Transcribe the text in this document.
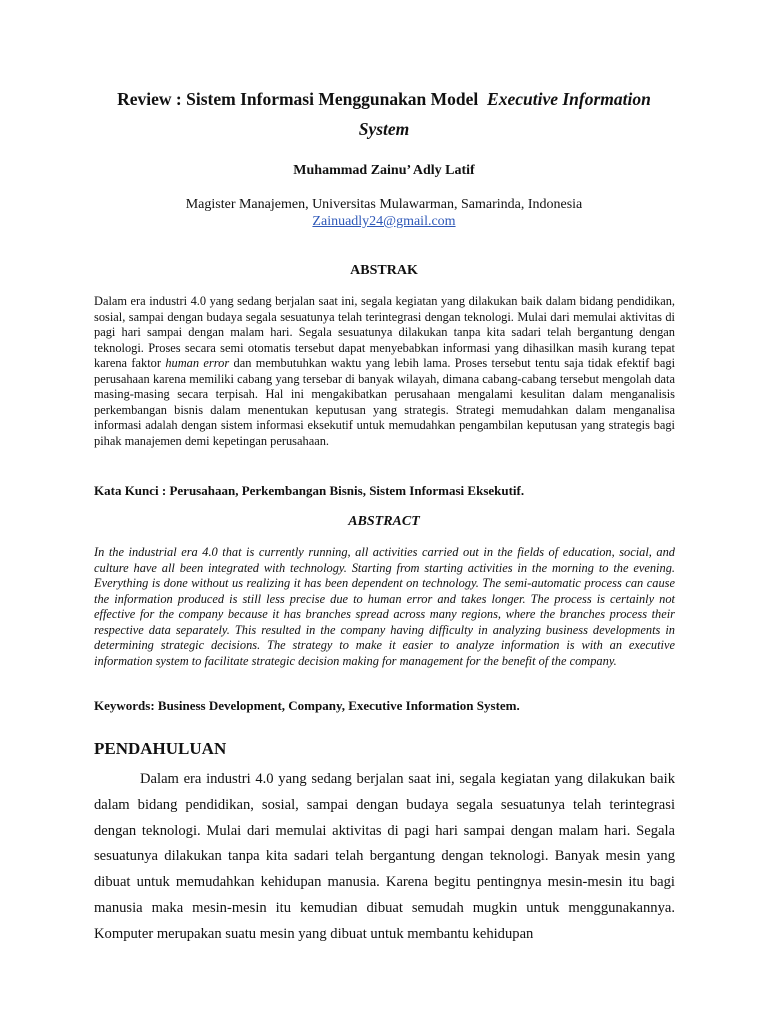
Review : Sistem Informasi Menggunakan Model Executive Information System
Muhammad Zainu’ Adly Latif
Magister Manajemen, Universitas Mulawarman, Samarinda, Indonesia
Zainuadly24@gmail.com
ABSTRAK

Dalam era industri 4.0 yang sedang berjalan saat ini, segala kegiatan yang dilakukan baik dalam bidang pendidikan, sosial, sampai dengan budaya segala sesuatunya telah terintegrasi dengan teknologi. Mulai dari memulai aktivitas di pagi hari sampai dengan malam hari. Segala sesuatunya dilakukan tanpa kita sadari telah bergantung dengan teknologi. Proses secara semi otomatis tersebut dapat menyebabkan informasi yang dihasilkan masih kurang tepat karena faktor human error dan membutuhkan waktu yang lebih lama. Proses tersebut tentu saja tidak efektif bagi perusahaan karena memiliki cabang yang tersebar di banyak wilayah, dimana cabang-cabang tersebut mengolah data masing-masing secara terpisah. Hal ini mengakibatkan perusahaan mengalami kesulitan dalam menganalisis perkembangan bisnis dalam menentukan keputusan yang strategis. Strategi memudahkan dalam menganalisa informasi adalah dengan sistem informasi eksekutif untuk memudahkan pengambilan keputusan yang strategis bagi pihak manajemen demi kepetingan perusahaan.

Kata Kunci : Perusahaan, Perkembangan Bisnis, Sistem Informasi Eksekutif.
ABSTRACT

In the industrial era 4.0 that is currently running, all activities carried out in the fields of education, social, and culture have all been integrated with technology. Starting from starting activities in the morning to the evening. Everything is done without us realizing it has been dependent on technology. The semi-automatic process can cause the information produced is still less precise due to human error and takes longer. The process is certainly not effective for the company because it has branches spread across many regions, where the branches process their respective data separately. This resulted in the company having difficulty in analyzing business developments in determining strategic decisions. The strategy to make it easier to analyze information is with an executive information system to facilitate strategic decision making for management for the benefit of the company.

Keywords: Business Development, Company, Executive Information System.
PENDAHULUAN

Dalam era industri 4.0 yang sedang berjalan saat ini, segala kegiatan yang dilakukan baik dalam bidang pendidikan, sosial, sampai dengan budaya segala sesuatunya telah terintegrasi dengan teknologi. Mulai dari memulai aktivitas di pagi hari sampai dengan malam hari. Segala sesuatunya dilakukan tanpa kita sadari telah bergantung dengan teknologi. Banyak mesin yang dibuat untuk memudahkan kehidupan manusia. Karena begitu pentingnya mesin-mesin itu bagi manusia maka mesin-mesin itu kemudian dibuat semudah mugkin untuk menggunakannya. Komputer merupakan suatu mesin yang dibuat untuk membantu kehidupan
